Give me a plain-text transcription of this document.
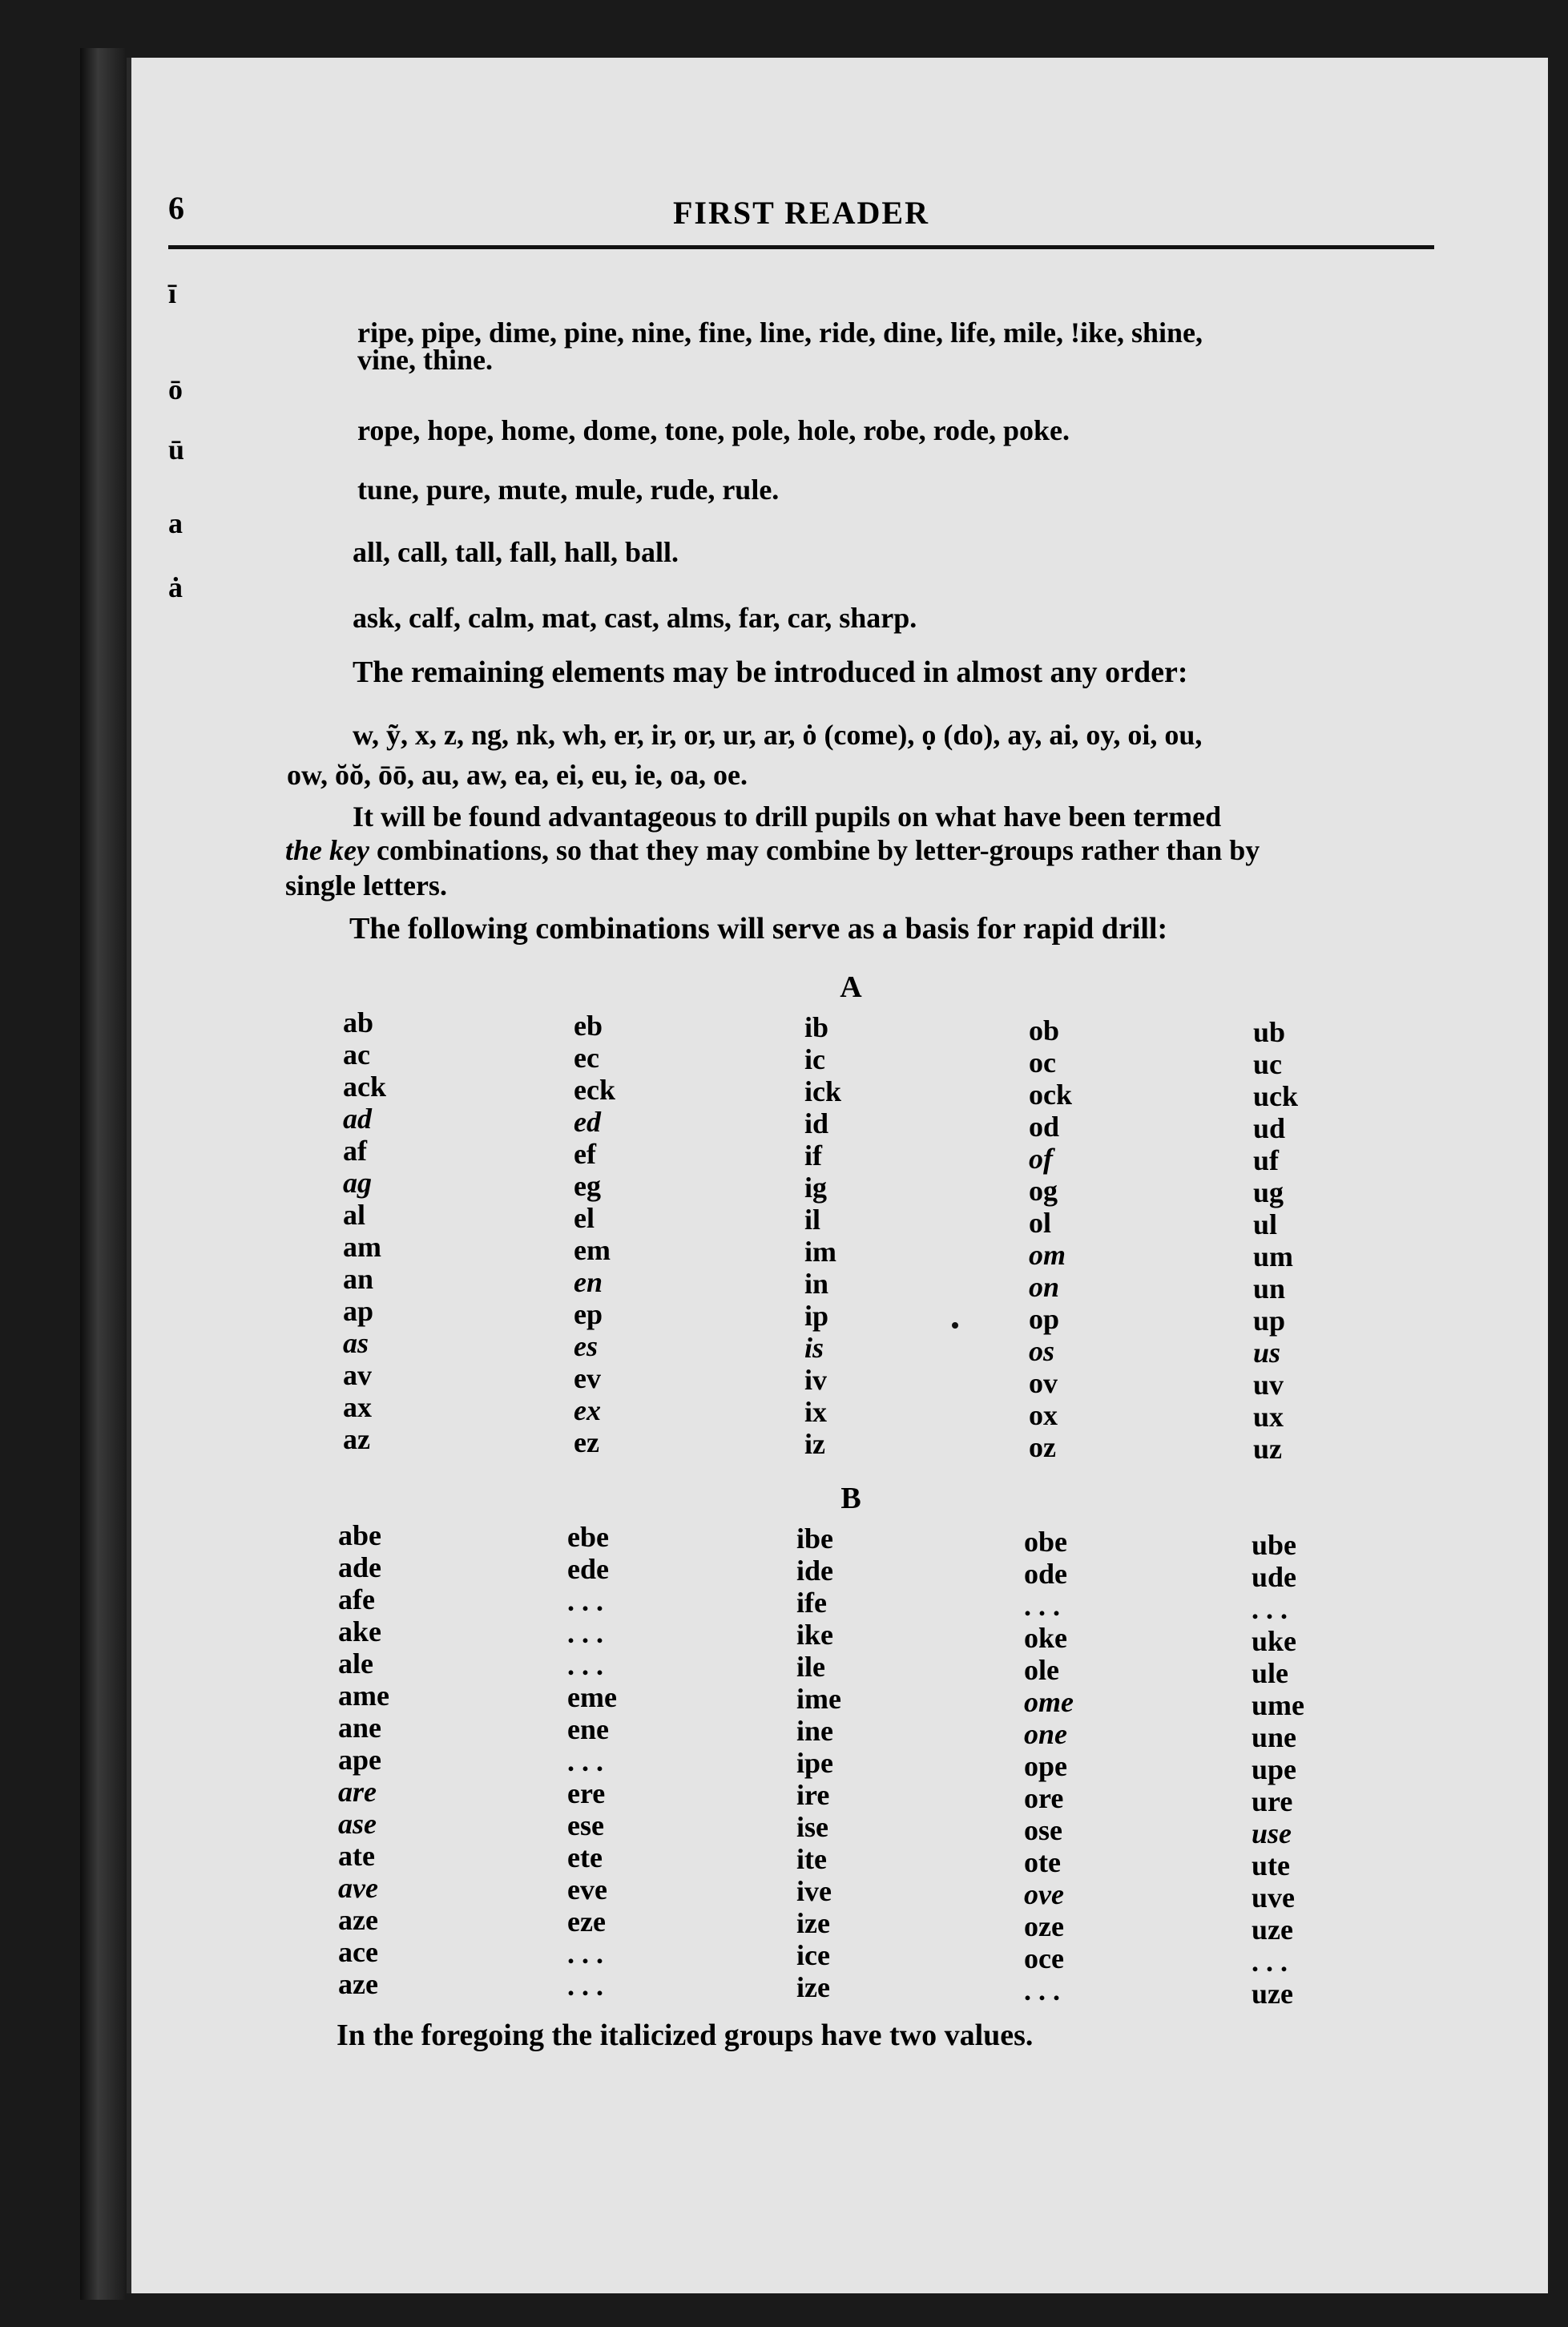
6	FIRST READER
ī
ō
ū
a
ȧ
ripe, pipe, dime, pine, nine, fine, line, ride, dine, life, mile, !ike, shine,
vine, thine.
rope, hope, home, dome, tone, pole, hole, robe, rode, poke.
tune, pure, mute, mule, rude, rule.
all, call, tall, fall, hall, ball.
ask, calf, calm, mat, cast, alms, far, car, sharp.
The remaining elements may be introduced in almost any order:
w, ỹ, x, z, ng, nk, wh, er, ir, or, ur, ar, ȯ (come), ọ (do), ay, ai, oy, oi, ou,
ow, ŏŏ, ōō, au, aw, ea, ei, eu, ie, oa, oe.
It will be found advantageous to drill pupils on what have been termed
the key combinations, so that they may combine by letter-groups rather than by
single letters.
The following combinations will serve as a basis for rapid drill:
A
B
ab
ac
ack
ad
af
ag
al
am
an
ap
as
av
ax
az
eb
ec
eck
ed
ef
eg
el
em
en
ep
es
ev
ex
ez
ib
ic
ick
id
if
ig
il
im
in
ip
is
iv
ix
iz
ob
oc
ock
od
of
og
ol
om
on
op
os
ov
ox
oz
ub
uc
uck
ud
uf
ug
ul
um
un
up
us
uv
ux
uz
abe
ade
afe
ake
ale
ame
ane
ape
are
ase
ate
ave
aze
ace
aze
ebe
ede
. . .
. . .
. . .
eme
ene
. . .
ere
ese
ete
eve
eze
. . .
. . .
ibe
ide
ife
ike
ile
ime
ine
ipe
ire
ise
ite
ive
ize
ice
ize
obe
ode
. . .
oke
ole
ome
one
ope
ore
ose
ote
ove
oze
oce
. . .
ube
ude
. . .
uke
ule
ume
une
upe
ure
use
ute
uve
uze
. . .
uze
In the foregoing the italicized groups have two values.
